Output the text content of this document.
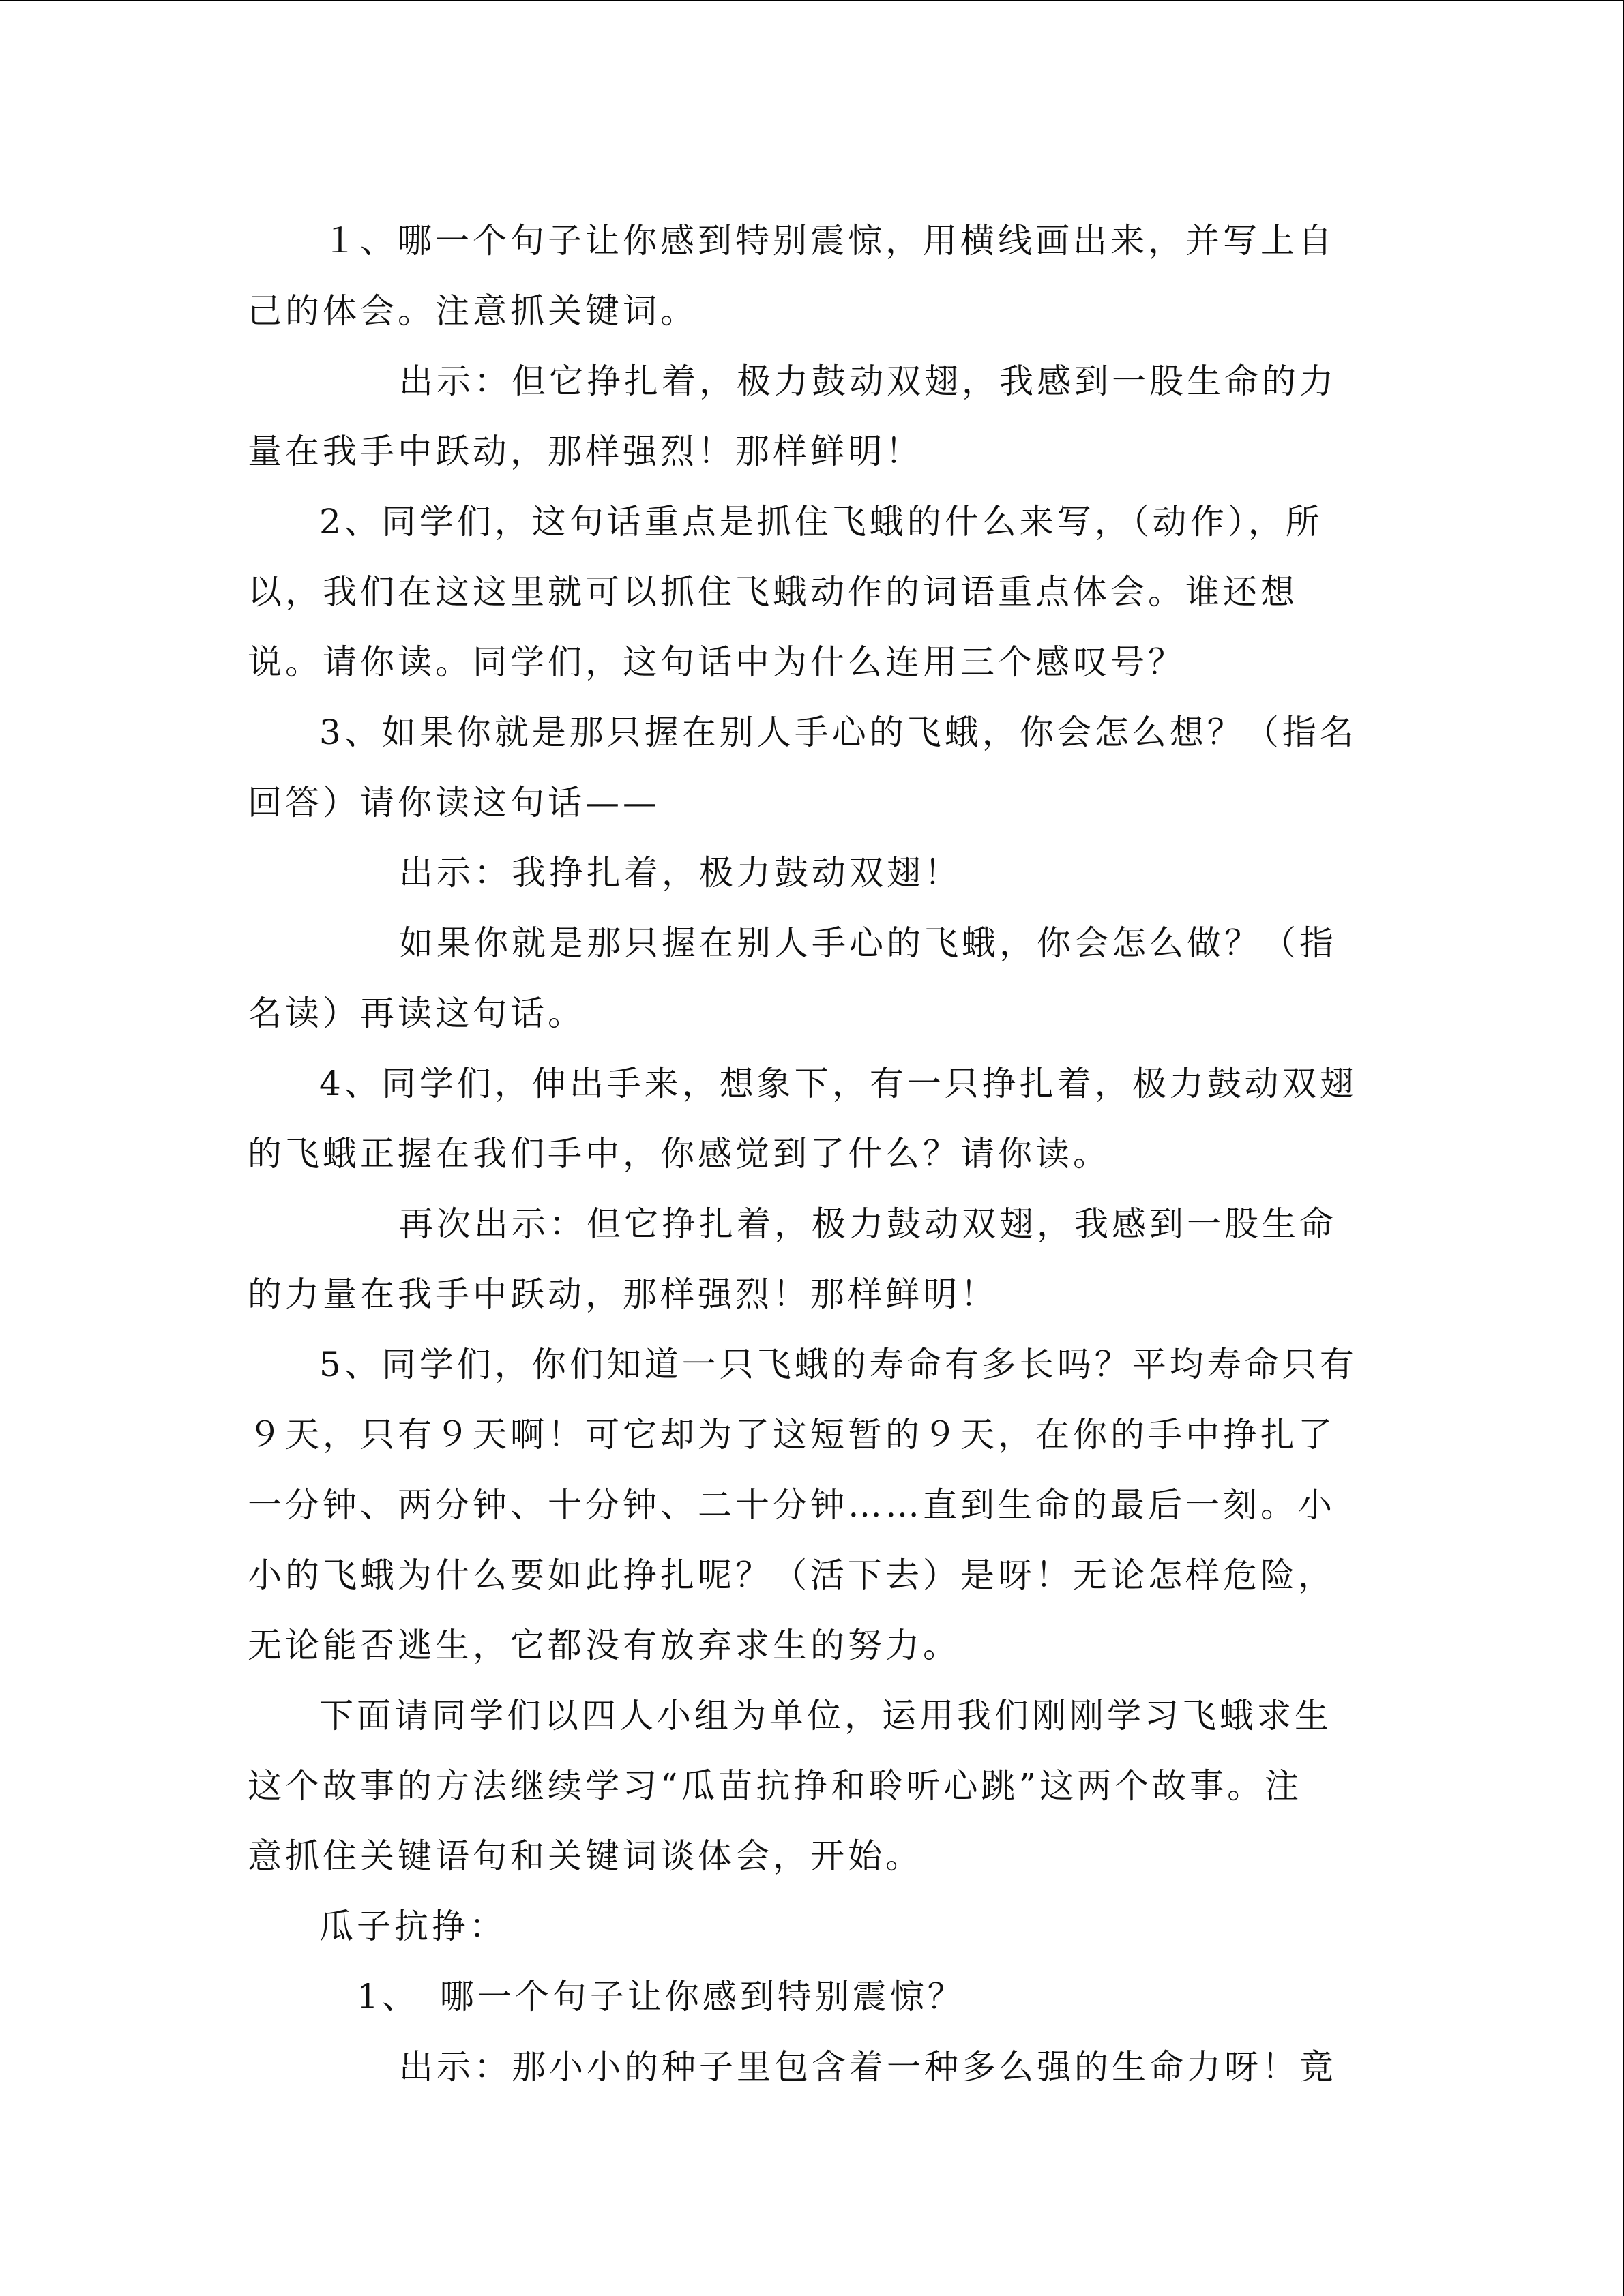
１、哪一个句子让你感到特别震惊，用横线画出来，并写上自
己的体会。注意抓关键词。
出示：但它挣扎着，极力鼓动双翅，我感到一股生命的力
量在我手中跃动，那样强烈！那样鲜明！
2、同学们，这句话重点是抓住飞蛾的什么来写，（动作），所
以，我们在这这里就可以抓住飞蛾动作的词语重点体会。谁还想
说。请你读。同学们，这句话中为什么连用三个感叹号？
3、如果你就是那只握在别人手心的飞蛾，你会怎么想？（指名
回答）请你读这句话——
出示：我挣扎着，极力鼓动双翅！
如果你就是那只握在别人手心的飞蛾，你会怎么做？（指
名读）再读这句话。
4、同学们，伸出手来，想象下，有一只挣扎着，极力鼓动双翅
的飞蛾正握在我们手中，你感觉到了什么？请你读。
再次出示：但它挣扎着，极力鼓动双翅，我感到一股生命
的力量在我手中跃动，那样强烈！那样鲜明！
5、同学们，你们知道一只飞蛾的寿命有多长吗？平均寿命只有
９天，只有９天啊！可它却为了这短暂的９天，在你的手中挣扎了
一分钟、两分钟、十分钟、二十分钟……直到生命的最后一刻。小
小的飞蛾为什么要如此挣扎呢？（活下去）是呀！无论怎样危险，
无论能否逃生，它都没有放弃求生的努力。
下面请同学们以四人小组为单位，运用我们刚刚学习飞蛾求生
这个故事的方法继续学习“瓜苗抗挣和聆听心跳”这两个故事。注
意抓住关键语句和关键词谈体会，开始。
瓜子抗挣：
1、　哪一个句子让你感到特别震惊？
出示：那小小的种子里包含着一种多么强的生命力呀！竟
